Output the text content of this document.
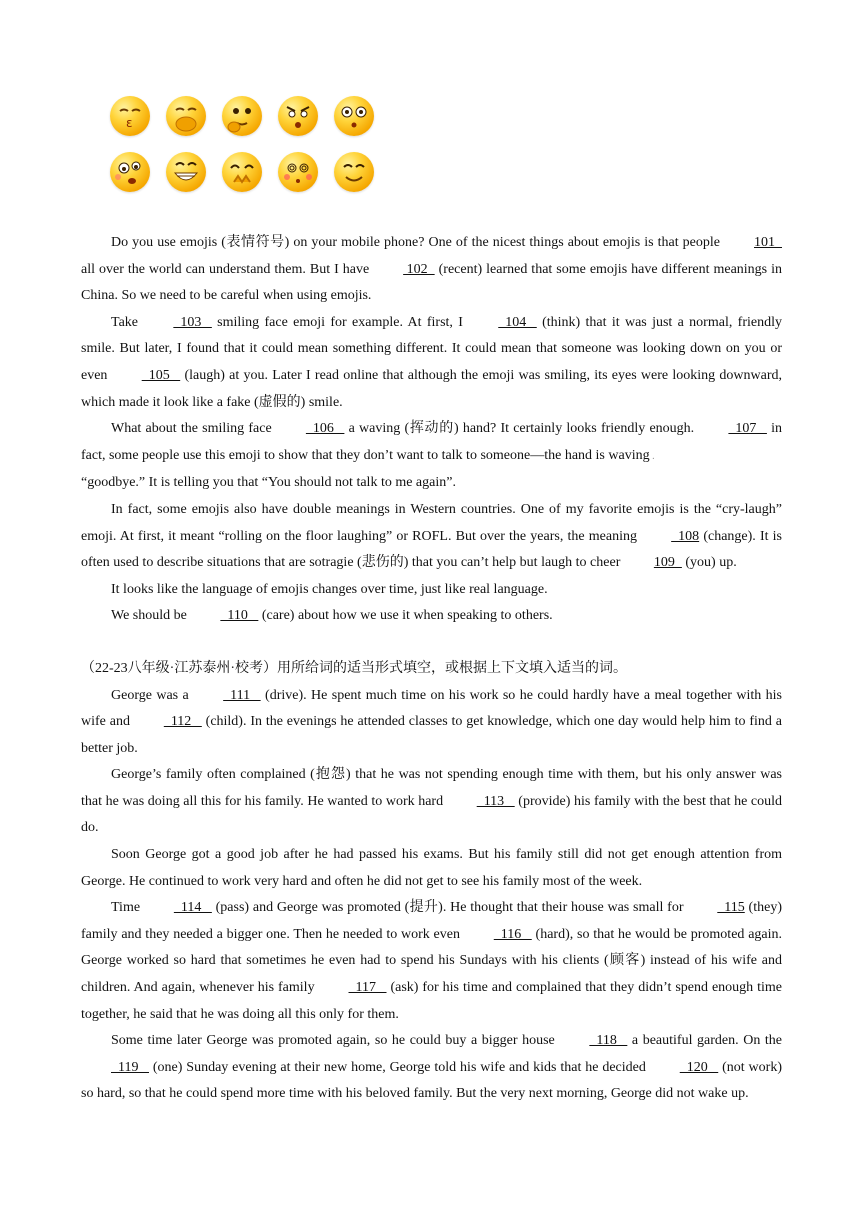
ε

Do you use emojis (表情符号) on your mobile phone? One of the nicest things about emojis is that people 101   all over the world can understand them. But I have  102   (recent) learned that some emojis have different meanings in China. So we need to be careful when using emojis.

Take   103    smiling face emoji for example. At first, I   104    (think) that it was just a normal, friendly smile. But later, I found that it could mean something different. It could mean that someone was looking down on you or even   105    (laugh) at you. Later I read online that although the emoji was smiling, its eyes were looking downward, which made it look like a fake (虚假的) smile.

What about the smiling face   106    a waving (挥动的) hand? It certainly looks friendly enough.   107    in fact, some people use this emoji to show that they don’t want to talk to someone—the hand is waving .
“goodbye.” It is telling you that “You should not talk to me again”.

In fact, some emojis also have double meanings in Western countries. One of my favorite emojis is the “cry-laugh” emoji. At first, it meant “rolling on the floor laughing” or ROFL. But over the years, the meaning   108 (change). It is often used to describe situations that are sotragie (悲伤的) that you can’t help but laugh to cheer 109   (you) up.

It looks like the language of emojis changes over time, just like real language.

We should be   110    (care) about how we use it when speaking to others.

（22-23八年级·江苏泰州·校考）用所给词的适当形式填空，或根据上下文填入适当的词。

George was a   111    (drive). He spent much time on his work so he could hardly have a meal together with his wife and   112    (child). In the evenings he attended classes to get knowledge, which one day would help him to find a better job.

George’s family often complained (抱怨) that he was not spending enough time with them, but his only answer was that he was doing all this for his family. He wanted to work hard   113    (provide) his family with the best that he could do.

Soon George got a good job after he had passed his exams. But his family still did not get enough attention from George. He continued to work very hard and often he did not get to see his family most of the week.

Time   114    (pass) and George was promoted (提升). He thought that their house was small for   115 (they) family and they needed a bigger one. Then he needed to work even   116    (hard), so that he would be promoted again. George worked so hard that sometimes he even had to spend his Sundays with his clients (顾客) instead of his wife and children. And again, whenever his family   117    (ask) for his time and complained that they didn’t spend enough time together, he said that he was doing all this only for them.

Some time later George was promoted again, so he could buy a bigger house   118    a beautiful garden. On the   119    (one) Sunday evening at their new home, George told his wife and kids that he decided   120    (not work) so hard, so that he could spend more time with his beloved family. But the very next morning, George did not wake up.
